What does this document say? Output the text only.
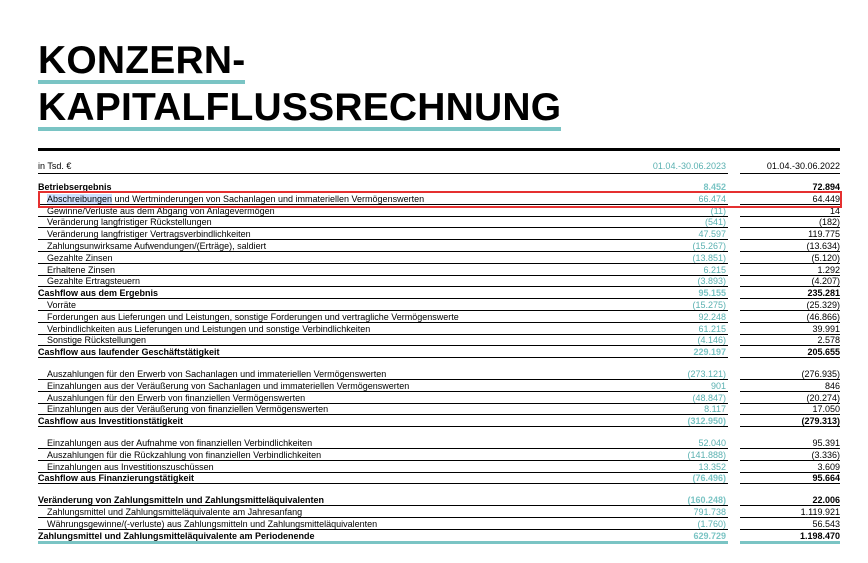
KONZERN-
KAPITALFLUSSRECHNUNG
in Tsd. €	01.04.-30.06.2023	01.04.-30.06.2022
Betriebsergebnis	8.452	72.894
Abschreibungen und Wertminderungen von Sachanlagen und immateriellen Vermögenswerten	66.474	64.449
Gewinne/Verluste aus dem Abgang von Anlagevermögen	(11)	14
Veränderung langfristiger Rückstellungen	(541)	(182)
Veränderung langfristiger Vertragsverbindlichkeiten	47.597	119.775
Zahlungsunwirksame Aufwendungen/(Erträge), saldiert	(15.267)	(13.634)
Gezahlte Zinsen	(13.851)	(5.120)
Erhaltene Zinsen	6.215	1.292
Gezahlte Ertragsteuern	(3.893)	(4.207)
Cashflow aus dem Ergebnis	95.155	235.281
Vorräte	(15.275)	(25.329)
Forderungen aus Lieferungen und Leistungen, sonstige Forderungen und vertragliche Vermögenswerte	92.248	(46.866)
Verbindlichkeiten aus Lieferungen und Leistungen und sonstige Verbindlichkeiten	61.215	39.991
Sonstige Rückstellungen	(4.146)	2.578
Cashflow aus laufender Geschäftstätigkeit	229.197	205.655
Auszahlungen für den Erwerb von Sachanlagen und immateriellen Vermögenswerten	(273.121)	(276.935)
Einzahlungen aus der Veräußerung von Sachanlagen und immateriellen Vermögenswerten	901	846
Auszahlungen für den Erwerb von finanziellen Vermögenswerten	(48.847)	(20.274)
Einzahlungen aus der Veräußerung von finanziellen Vermögenswerten	8.117	17.050
Cashflow aus Investitionstätigkeit	(312.950)	(279.313)
Einzahlungen aus der Aufnahme von finanziellen Verbindlichkeiten	52.040	95.391
Auszahlungen für die Rückzahlung von finanziellen Verbindlichkeiten	(141.888)	(3.336)
Einzahlungen aus Investitionszuschüssen	13.352	3.609
Cashflow aus Finanzierungstätigkeit	(76.496)	95.664
Veränderung von Zahlungsmitteln und Zahlungsmitteläquivalenten	(160.248)	22.006
Zahlungsmittel und Zahlungsmitteläquivalente am Jahresanfang	791.738	1.119.921
Währungsgewinne/(-verluste) aus Zahlungsmitteln und Zahlungsmitteläquivalenten	(1.760)	56.543
Zahlungsmittel und Zahlungsmitteläquivalente am Periodenende	629.729	1.198.470
